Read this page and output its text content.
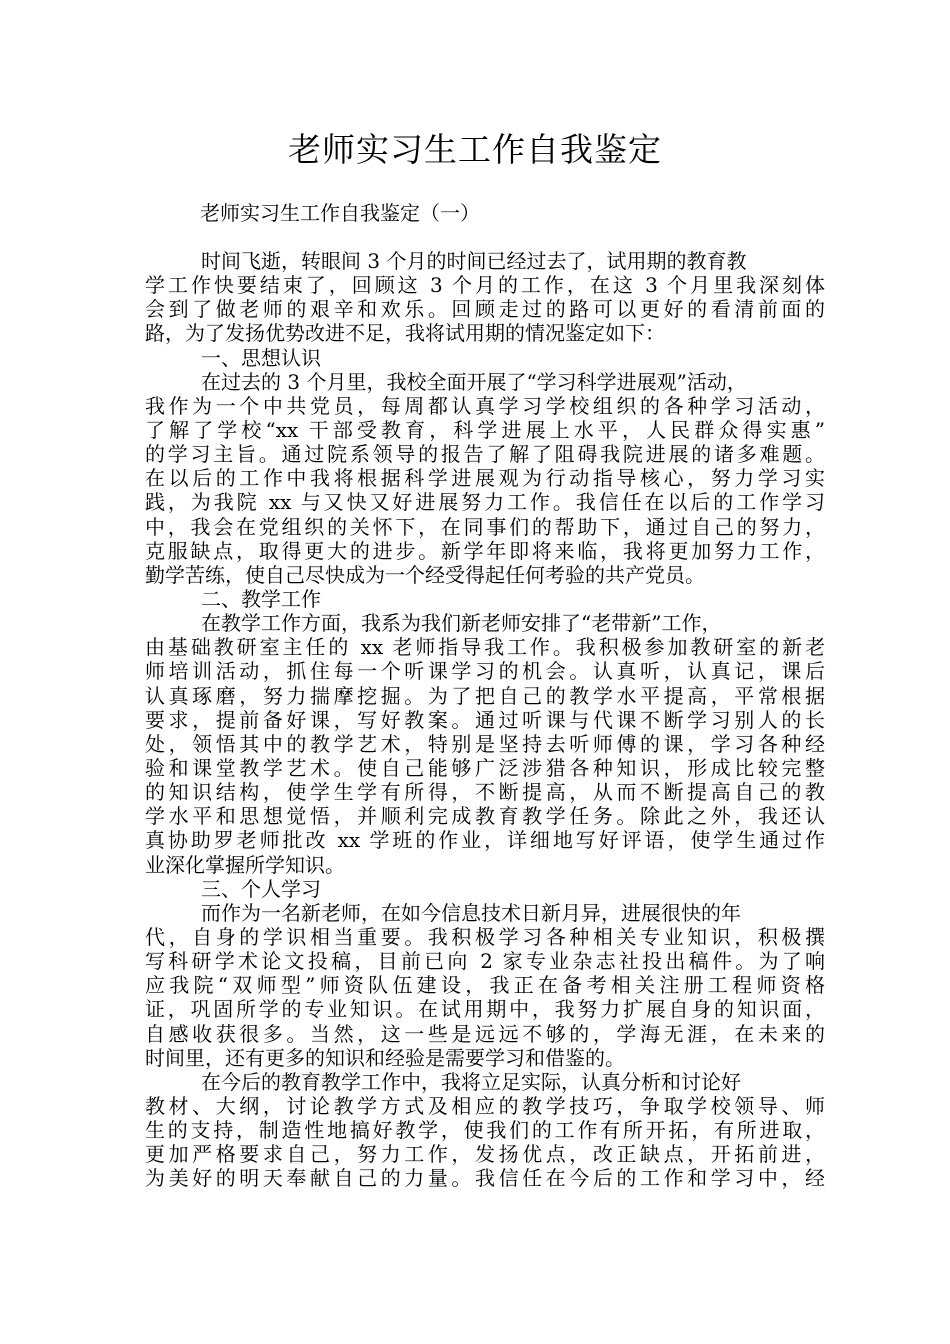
老师实习生工作自我鉴定

老师实习生工作自我鉴定（一）

时间飞逝，转眼间 3 个月的时间已经过去了，试用期的教育教
学工作快要结束了，回顾这 3 个月的工作，在这 3 个月里我深刻体
会到了做老师的艰辛和欢乐。回顾走过的路可以更好的看清前面的
路，为了发扬优势改进不足，我将试用期的情况鉴定如下：
一、思想认识
在过去的 3 个月里，我校全面开展了“学习科学进展观”活动，
我作为一个中共党员，每周都认真学习学校组织的各种学习活动，
了解了学校“xx 干部受教育，科学进展上水平，人民群众得实惠”
的学习主旨。通过院系领导的报告了解了阻碍我院进展的诸多难题。
在以后的工作中我将根据科学进展观为行动指导核心，努力学习实
践，为我院 xx 与又快又好进展努力工作。我信任在以后的工作学习
中，我会在党组织的关怀下，在同事们的帮助下，通过自己的努力，
克服缺点，取得更大的进步。新学年即将来临，我将更加努力工作，
勤学苦练，使自己尽快成为一个经受得起任何考验的共产党员。
二、教学工作
在教学工作方面，我系为我们新老师安排了“老带新”工作，
由基础教研室主任的 xx 老师指导我工作。我积极参加教研室的新老
师培训活动，抓住每一个听课学习的机会。认真听，认真记，课后
认真琢磨，努力揣摩挖掘。为了把自己的教学水平提高，平常根据
要求，提前备好课，写好教案。通过听课与代课不断学习别人的长
处，领悟其中的教学艺术，特别是坚持去听师傅的课，学习各种经
验和课堂教学艺术。使自己能够广泛涉猎各种知识，形成比较完整
的知识结构，使学生学有所得，不断提高，从而不断提高自己的教
学水平和思想觉悟，并顺利完成教育教学任务。除此之外，我还认
真协助罗老师批改 xx 学班的作业，详细地写好评语，使学生通过作
业深化掌握所学知识。
三、个人学习
而作为一名新老师，在如今信息技术日新月异，进展很快的年
代，自身的学识相当重要。我积极学习各种相关专业知识，积极撰
写科研学术论文投稿，目前已向 2 家专业杂志社投出稿件。为了响
应我院“双师型”师资队伍建设，我正在备考相关注册工程师资格
证，巩固所学的专业知识。在试用期中，我努力扩展自身的知识面，
自感收获很多。当然，这一些是远远不够的，学海无涯，在未来的
时间里，还有更多的知识和经验是需要学习和借鉴的。
在今后的教育教学工作中，我将立足实际，认真分析和讨论好
教材、大纲，讨论教学方式及相应的教学技巧，争取学校领导、师
生的支持，制造性地搞好教学，使我们的工作有所开拓，有所进取，
更加严格要求自己，努力工作，发扬优点，改正缺点，开拓前进，
为美好的明天奉献自己的力量。我信任在今后的工作和学习中，经
